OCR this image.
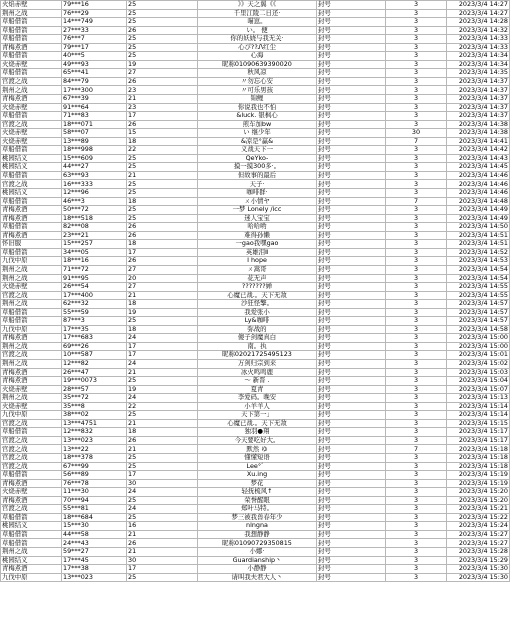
火焰赤壁	79***16	25	》》天之翼《《	封号	3	2023/3/4 14:27
荆州之战	76***29	25	千里江陵二日还·	封号	3	2023/3/4 14:27
草船借箭	14***749	25	喵崽。	封号	3	2023/3/4 14:28
草船借箭	27***33	26	い。 便	封号	3	2023/3/4 14:32
草船借箭	76***7	25	你的妖娆与我无关·	封号	3	2023/3/4 14:33
青梅煮酒	79***17	25	心ぴ??Ꮑ红尘	封号	3	2023/3/4 14:33
草船借箭	40***5	25	心海	封号	3	2023/3/4 14:34
火烧赤壁	49***93	19	昵称01090639390020	封号	3	2023/3/4 14:34
草船借箭	65***41	27	秋风凉	封号	3	2023/3/4 14:35
官渡之战	84***79	26	〃勿忘心安	封号	3	2023/3/4 14:37
荆州之战	17***300	23	〃可乐男孩	封号	3	2023/3/4 14:37
青梅煮酒	67***39	21	锦鲤	封号	3	2023/3/4 14:37
火烧赤壁	91***64	23	你说我也不怕	封号	3	2023/3/4 14:37
草船借箭	71***83	17	&luck. 银枫心	封号	3	2023/3/4 14:37
官渡之战	18***071	26	煎车加bw	封号	3	2023/3/4 14:38
火烧赤壁	58***07	15	い 继少年	封号	30	2023/3/4 14:38
火烧赤壁	13***89	18	&凉是°赢&	封号	7	2023/3/4 14:41
草船借箭	18***998	22	义战天下一	封号	3	2023/3/4 14:42
桃园结义	15***609	25	QeYko-	封号	3	2023/3/4 14:43
桃园结义	44***27	25	摸一摸300多·。	封号	3	2023/3/4 14:45
草船借箭	63***93	21	但故事的最后	封号	3	2023/3/4 14:46
官渡之战	16***333	25	天子·	封号	3	2023/3/4 14:46
桃园结义	12***96	25	咖啡群·	封号	3	2023/3/4 14:46
草船借箭	46***3	18	ㄨ小情ヤ	封号	7	2023/3/4 14:48
青梅煮酒	50***72	25	一梦 Lonely /icc	封号	3	2023/3/4 14:49
青梅煮酒	18***518	25	迷人宝宝	封号	3	2023/3/4 14:49
草船借箭	82***08	26	哈哈哟	封号	3	2023/3/4 14:50
青梅煮酒	23***21	26	难得孙懒	封号	3	2023/3/4 14:51
怀旧服	15***257	18	一gao我嘿gao	封号	3	2023/3/4 14:51
草船借箭	34***05	17	英雄泪Ⅱ	封号	3	2023/3/4 14:52
九伐中原	18***16	26	I hope	封号	3	2023/3/4 14:53
荆州之战	71***72	27	ㄨ嵩哥	封号	3	2023/3/4 14:54
荆州之战	91***95	20	花无声	封号	3	2023/3/4 14:54
火烧赤壁	26***54	27	???????婵	封号	3	2023/3/4 14:55
官渡之战	17***400	21	心魔已战.。天下无敌	封号	3	2023/3/4 14:55
荆州之战	62***32	18	沙狂怪擎。	封号	3	2023/3/4 14:57
草船借箭	55***59	19	我爱张小	封号	3	2023/3/4 14:57
草船借箭	87***3	25	Ly&咖啡	封号	3	2023/3/4 14:57
九伐中原	17***35	18	弥战的	封号	3	2023/3/4 14:58
青梅煮酒	17***683	24	傻子剑魔真白	封号	3	2023/3/4 15:00
荆州之战	69***26	17	南。执	封号	3	2023/3/4 15:00
官渡之战	10***587	17	昵称02021725495123	封号	3	2023/3/4 15:01
荆州之战	12***82	24	万剑归宗到来	封号	3	2023/3/4 15:02
青梅煮酒	26***47	21	冰火鸣鸣鹿	封号	3	2023/3/4 15:03
青梅煮酒	19***0073	25	～ 新晋 .	封号	3	2023/3/4 15:04
火烧赤壁	28***57	19	夏青	封号	3	2023/3/4 15:07
荆州之战	35***72	24	李爱码。晚安	封号	3	2023/3/4 15:13
火烧赤壁	35***8	22	小羊羊人	封号	3	2023/3/4 15:14
九伐中原	38***02	25	天下第一」	封号	3	2023/3/4 15:14
官渡之战	13***4751	21	心魔已战.。天下无敌	封号	3	2023/3/4 15:15
草船借箭	12***832	18	独羽●翔	封号	3	2023/3/4 15:17
官渡之战	13***023	26	今天要吃好大。	封号	3	2023/3/4 15:17
官渡之战	13***22	21	默然 ゆ	封号	7	2023/3/4 15:18
官渡之战	18***378	25	懂懂短语	封号	3	2023/3/4 15:18
官渡之战	67***99	25	Lee°゛	封号	3	2023/3/4 15:18
草船借箭	56***89	17	Xu.ing	封号	3	2023/3/4 15:19
青梅煮酒	76***78	30	梦花	封号	3	2023/3/4 15:19
火烧赤壁	11***30	24	轻抚梳风↑	封号	3	2023/3/4 15:20
青梅煮酒	70***94	25	荣誉醒眼	封号	3	2023/3/4 15:20
官渡之战	55***81	24	郑叶马特。	封号	3	2023/3/4 15:21
草船借箭	18***684	25	梦三被我兽春年少	封号	3	2023/3/4 15:22
桃园结义	15***30	16	nlngna	封号	3	2023/3/4 15:24
草船借箭	44***58	21	我想静静	封号	3	2023/3/4 15:27
草船借箭	24***43	26	昵称01090729350815	封号	3	2023/3/4 15:27
荆州之战	59***27	21	小娜·	封号	3	2023/3/4 15:28
桃园结义	17***45	30	Guardianship丶	封号	3	2023/3/4 15:29
青梅煮酒	17***38	17	小静静	封号	3	2023/3/4 15:30
九伐中原	13***023	25	请叫我夫君大人丶	封号	3	2023/3/4 15:30
